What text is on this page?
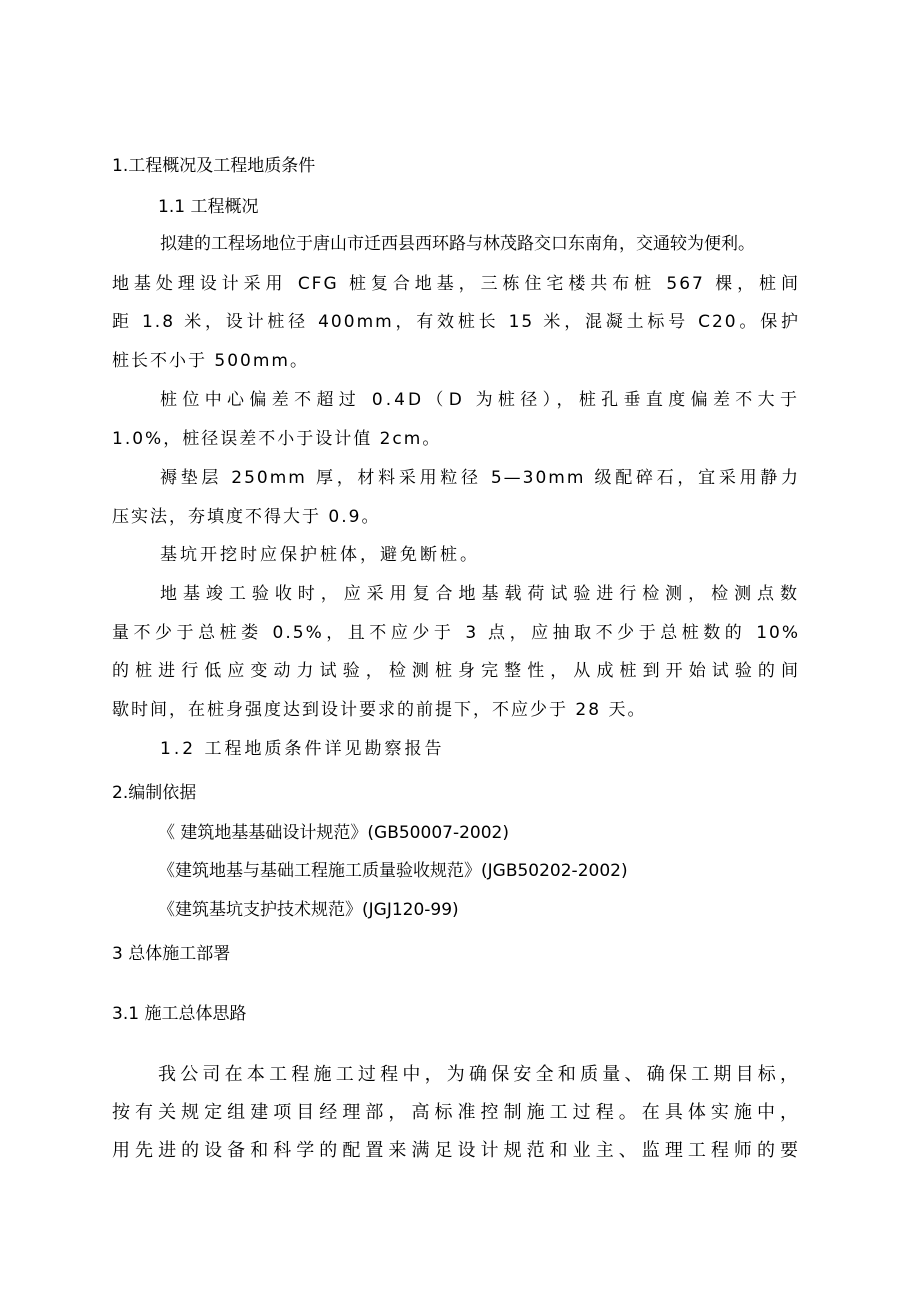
1.工程概况及工程地质条件
1.1 工程概况
拟建的工程场地位于唐山市迁西县西环路与林茂路交口东南角，交通较为便利。
地基处理设计采用 CFG 桩复合地基，三栋住宅楼共布桩 567 棵，桩间
距 1.8 米，设计桩径 400mm，有效桩长 15 米，混凝土标号 C20。保护
桩长不小于 500mm。
桩位中心偏差不超过 0.4D（D 为桩径），桩孔垂直度偏差不大于
1.0%，桩径误差不小于设计值 2cm。
褥垫层 250mm 厚，材料采用粒径 5—30mm 级配碎石，宜采用静力
压实法，夯填度不得大于 0.9。
基坑开挖时应保护桩体，避免断桩。
地基竣工验收时，应采用复合地基载荷试验进行检测，检测点数
量不少于总桩娄 0.5%，且不应少于 3 点，应抽取不少于总桩数的 10%
的桩进行低应变动力试验，检测桩身完整性，从成桩到开始试验的间
歇时间，在桩身强度达到设计要求的前提下，不应少于 28 天。
1.2 工程地质条件详见勘察报告
2.编制依据
《 建筑地基基础设计规范》(GB50007-2002)
《建筑地基与基础工程施工质量验收规范》(JGB50202-2002)
《建筑基坑支护技术规范》(JGJ120-99)
3 总体施工部署
3.1 施工总体思路
我公司在本工程施工过程中，为确保安全和质量、确保工期目标，
按有关规定组建项目经理部，高标准控制施工过程。在具体实施中，
用先进的设备和科学的配置来满足设计规范和业主、监理工程师的要
